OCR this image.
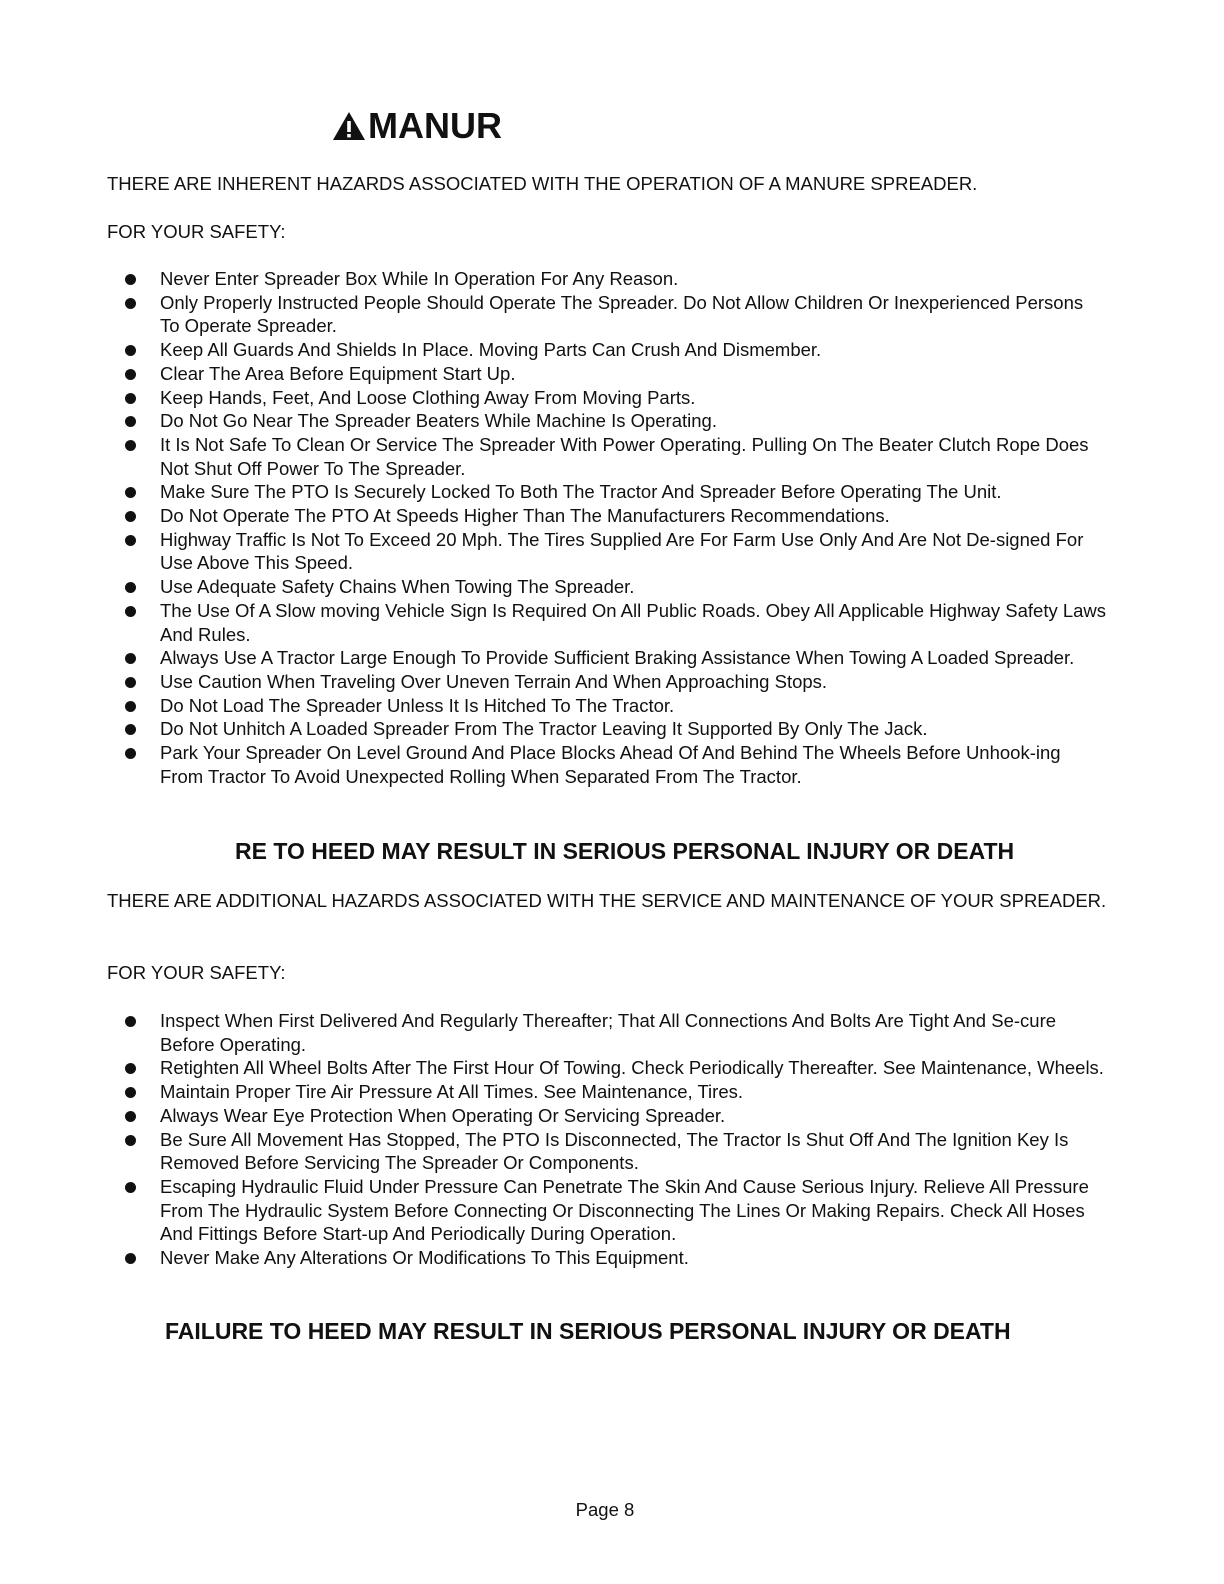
MANUR
THERE ARE INHERENT HAZARDS ASSOCIATED WITH THE OPERATION OF A MANURE SPREADER.
FOR YOUR SAFETY:
Never Enter Spreader Box While In Operation For Any Reason.
Only Properly Instructed People Should Operate The Spreader. Do Not Allow Children Or Inexperienced Persons To Operate Spreader.
Keep All Guards And Shields In Place. Moving Parts Can Crush And Dismember.
Clear The Area Before Equipment Start Up.
Keep Hands, Feet, And Loose Clothing Away From Moving Parts.
Do Not Go Near The Spreader Beaters While Machine Is Operating.
It Is Not Safe To Clean Or Service The Spreader With Power Operating. Pulling On The Beater Clutch Rope Does Not Shut Off Power To The Spreader.
Make Sure The PTO Is Securely Locked To Both The Tractor And Spreader Before Operating The Unit.
Do Not Operate The PTO At Speeds Higher Than The Manufacturers Recommendations.
Highway Traffic Is Not To Exceed 20 Mph. The Tires Supplied Are For Farm Use Only And Are Not De-signed For Use Above This Speed.
Use Adequate Safety Chains When Towing The Spreader.
The Use Of A Slow moving Vehicle Sign Is Required On All Public Roads. Obey All Applicable Highway Safety Laws And Rules.
Always Use A Tractor Large Enough To Provide Sufficient Braking Assistance When Towing A Loaded Spreader.
Use Caution When Traveling Over Uneven Terrain And When Approaching Stops.
Do Not Load The Spreader Unless It Is Hitched To The Tractor.
Do Not Unhitch A Loaded Spreader From The Tractor Leaving It Supported By Only The Jack.
Park Your Spreader On Level Ground And Place Blocks Ahead Of And Behind The Wheels Before Unhook-ing From Tractor To Avoid Unexpected Rolling When Separated From The Tractor.
RE TO HEED MAY RESULT IN SERIOUS PERSONAL INJURY OR DEATH
THERE ARE ADDITIONAL HAZARDS ASSOCIATED WITH THE SERVICE AND MAINTENANCE OF YOUR SPREADER.
FOR YOUR SAFETY:
Inspect When First Delivered And Regularly Thereafter; That All Connections And Bolts Are Tight And Se-cure Before Operating.
Retighten All Wheel Bolts After The First Hour Of Towing. Check Periodically Thereafter. See Maintenance, Wheels.
Maintain Proper Tire Air Pressure At All Times. See Maintenance, Tires.
Always Wear Eye Protection When Operating Or Servicing Spreader.
Be Sure All Movement Has Stopped, The PTO Is Disconnected, The Tractor Is Shut Off And The Ignition Key Is Removed Before Servicing The Spreader Or Components.
Escaping Hydraulic Fluid Under Pressure Can Penetrate The Skin And Cause Serious Injury. Relieve All Pressure From The Hydraulic System Before Connecting Or Disconnecting The Lines Or Making Repairs. Check All Hoses And Fittings Before Start-up And Periodically During Operation.
Never Make Any Alterations Or Modifications To This Equipment.
FAILURE TO HEED MAY RESULT IN SERIOUS PERSONAL INJURY OR DEATH
Page 8
